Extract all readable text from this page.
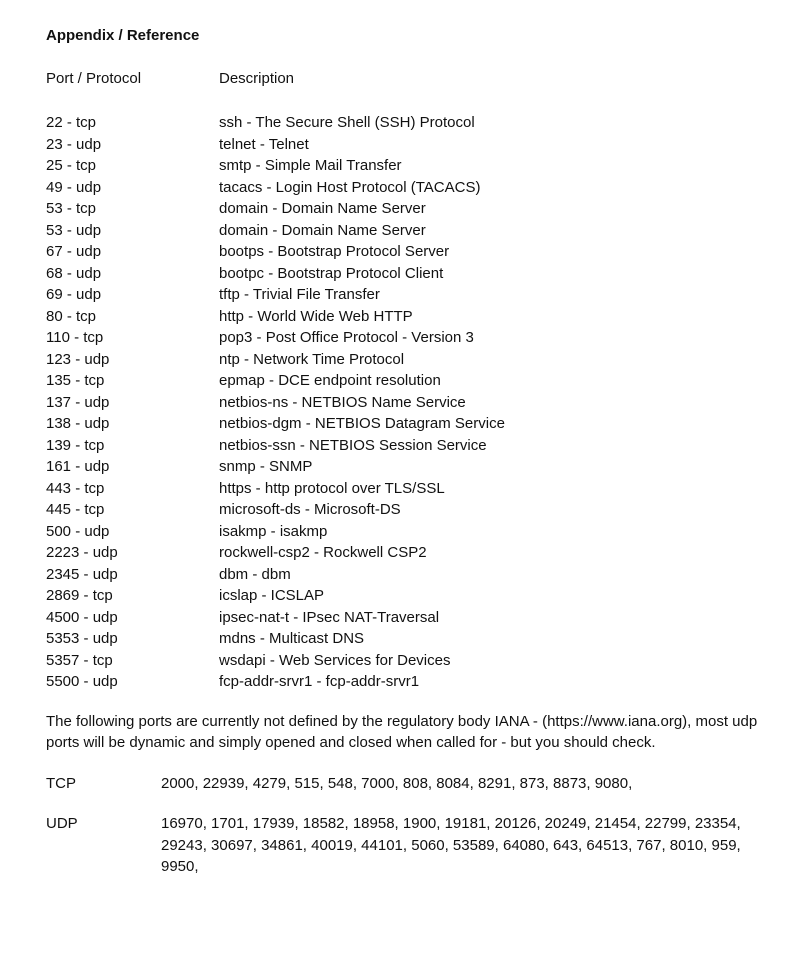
Appendix / Reference
Port / Protocol	Description
22 - tcp	ssh - The Secure Shell (SSH) Protocol
23 - udp	telnet - Telnet
25 - tcp	smtp - Simple Mail Transfer
49 - udp	tacacs - Login Host Protocol (TACACS)
53 - tcp	domain - Domain Name Server
53 - udp	domain - Domain Name Server
67 - udp	bootps - Bootstrap Protocol Server
68 - udp	bootpc - Bootstrap Protocol Client
69 - udp	tftp - Trivial File Transfer
80 - tcp	http - World Wide Web HTTP
110 - tcp	pop3 - Post Office Protocol - Version 3
123 - udp	ntp - Network Time Protocol
135 - tcp	epmap - DCE endpoint resolution
137 - udp	netbios-ns - NETBIOS Name Service
138 - udp	netbios-dgm - NETBIOS Datagram Service
139 - tcp	netbios-ssn - NETBIOS Session Service
161 - udp	snmp - SNMP
443 - tcp	https - http protocol over TLS/SSL
445 - tcp	microsoft-ds - Microsoft-DS
500 - udp	isakmp - isakmp
2223 - udp	rockwell-csp2 - Rockwell CSP2
2345 - udp	dbm - dbm
2869 - tcp	icslap - ICSLAP
4500 - udp	ipsec-nat-t - IPsec NAT-Traversal
5353 - udp	mdns - Multicast DNS
5357 - tcp	wsdapi - Web Services for Devices
5500 - udp	fcp-addr-srvr1 - fcp-addr-srvr1

The following ports are currently not defined by the regulatory body IANA - (https://www.iana.org), most udp ports will be dynamic and simply opened and closed when called for - but you should check.

TCP	2000, 22939, 4279, 515, 548, 7000, 808, 8084, 8291, 873, 8873, 9080,
UDP	16970, 1701, 17939, 18582, 18958, 1900, 19181, 20126, 20249, 21454, 22799, 23354, 29243, 30697, 34861, 40019, 44101, 5060, 53589, 64080, 643, 64513, 767, 8010, 959, 9950,
